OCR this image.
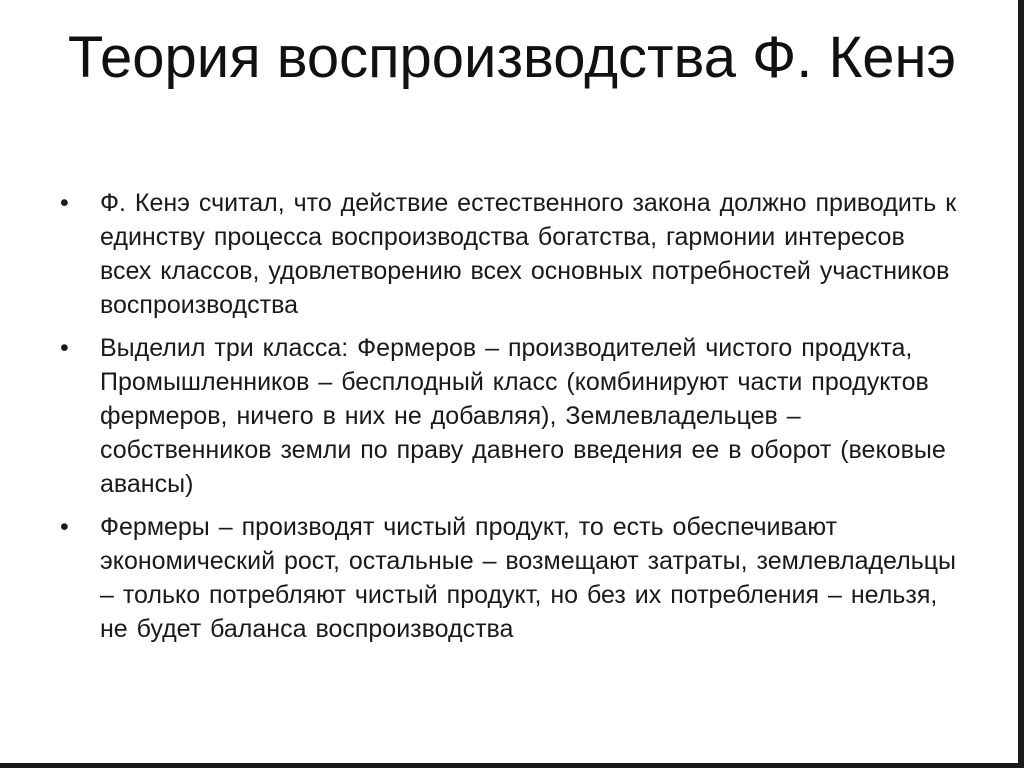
Теория воспроизводства Ф. Кенэ
•
Ф. Кенэ считал, что действие естественного закона должно приводить к единству процесса воспроизводства богатства, гармонии интересов всех классов, удовлетворению всех основных потребностей участников воспроизводства
•
Выделил три класса: Фермеров – производителей чистого продукта, Промышленников – бесплодный класс (комбинируют части продуктов фермеров, ничего в них не добавляя), Землевладельцев – собственников земли по праву давнего введения ее в оборот (вековые авансы)
•
Фермеры – производят чистый продукт, то есть обеспечивают экономический рост, остальные – возмещают затраты, землевладельцы – только потребляют чистый продукт, но без их потребления – нельзя, не будет баланса воспроизводства
